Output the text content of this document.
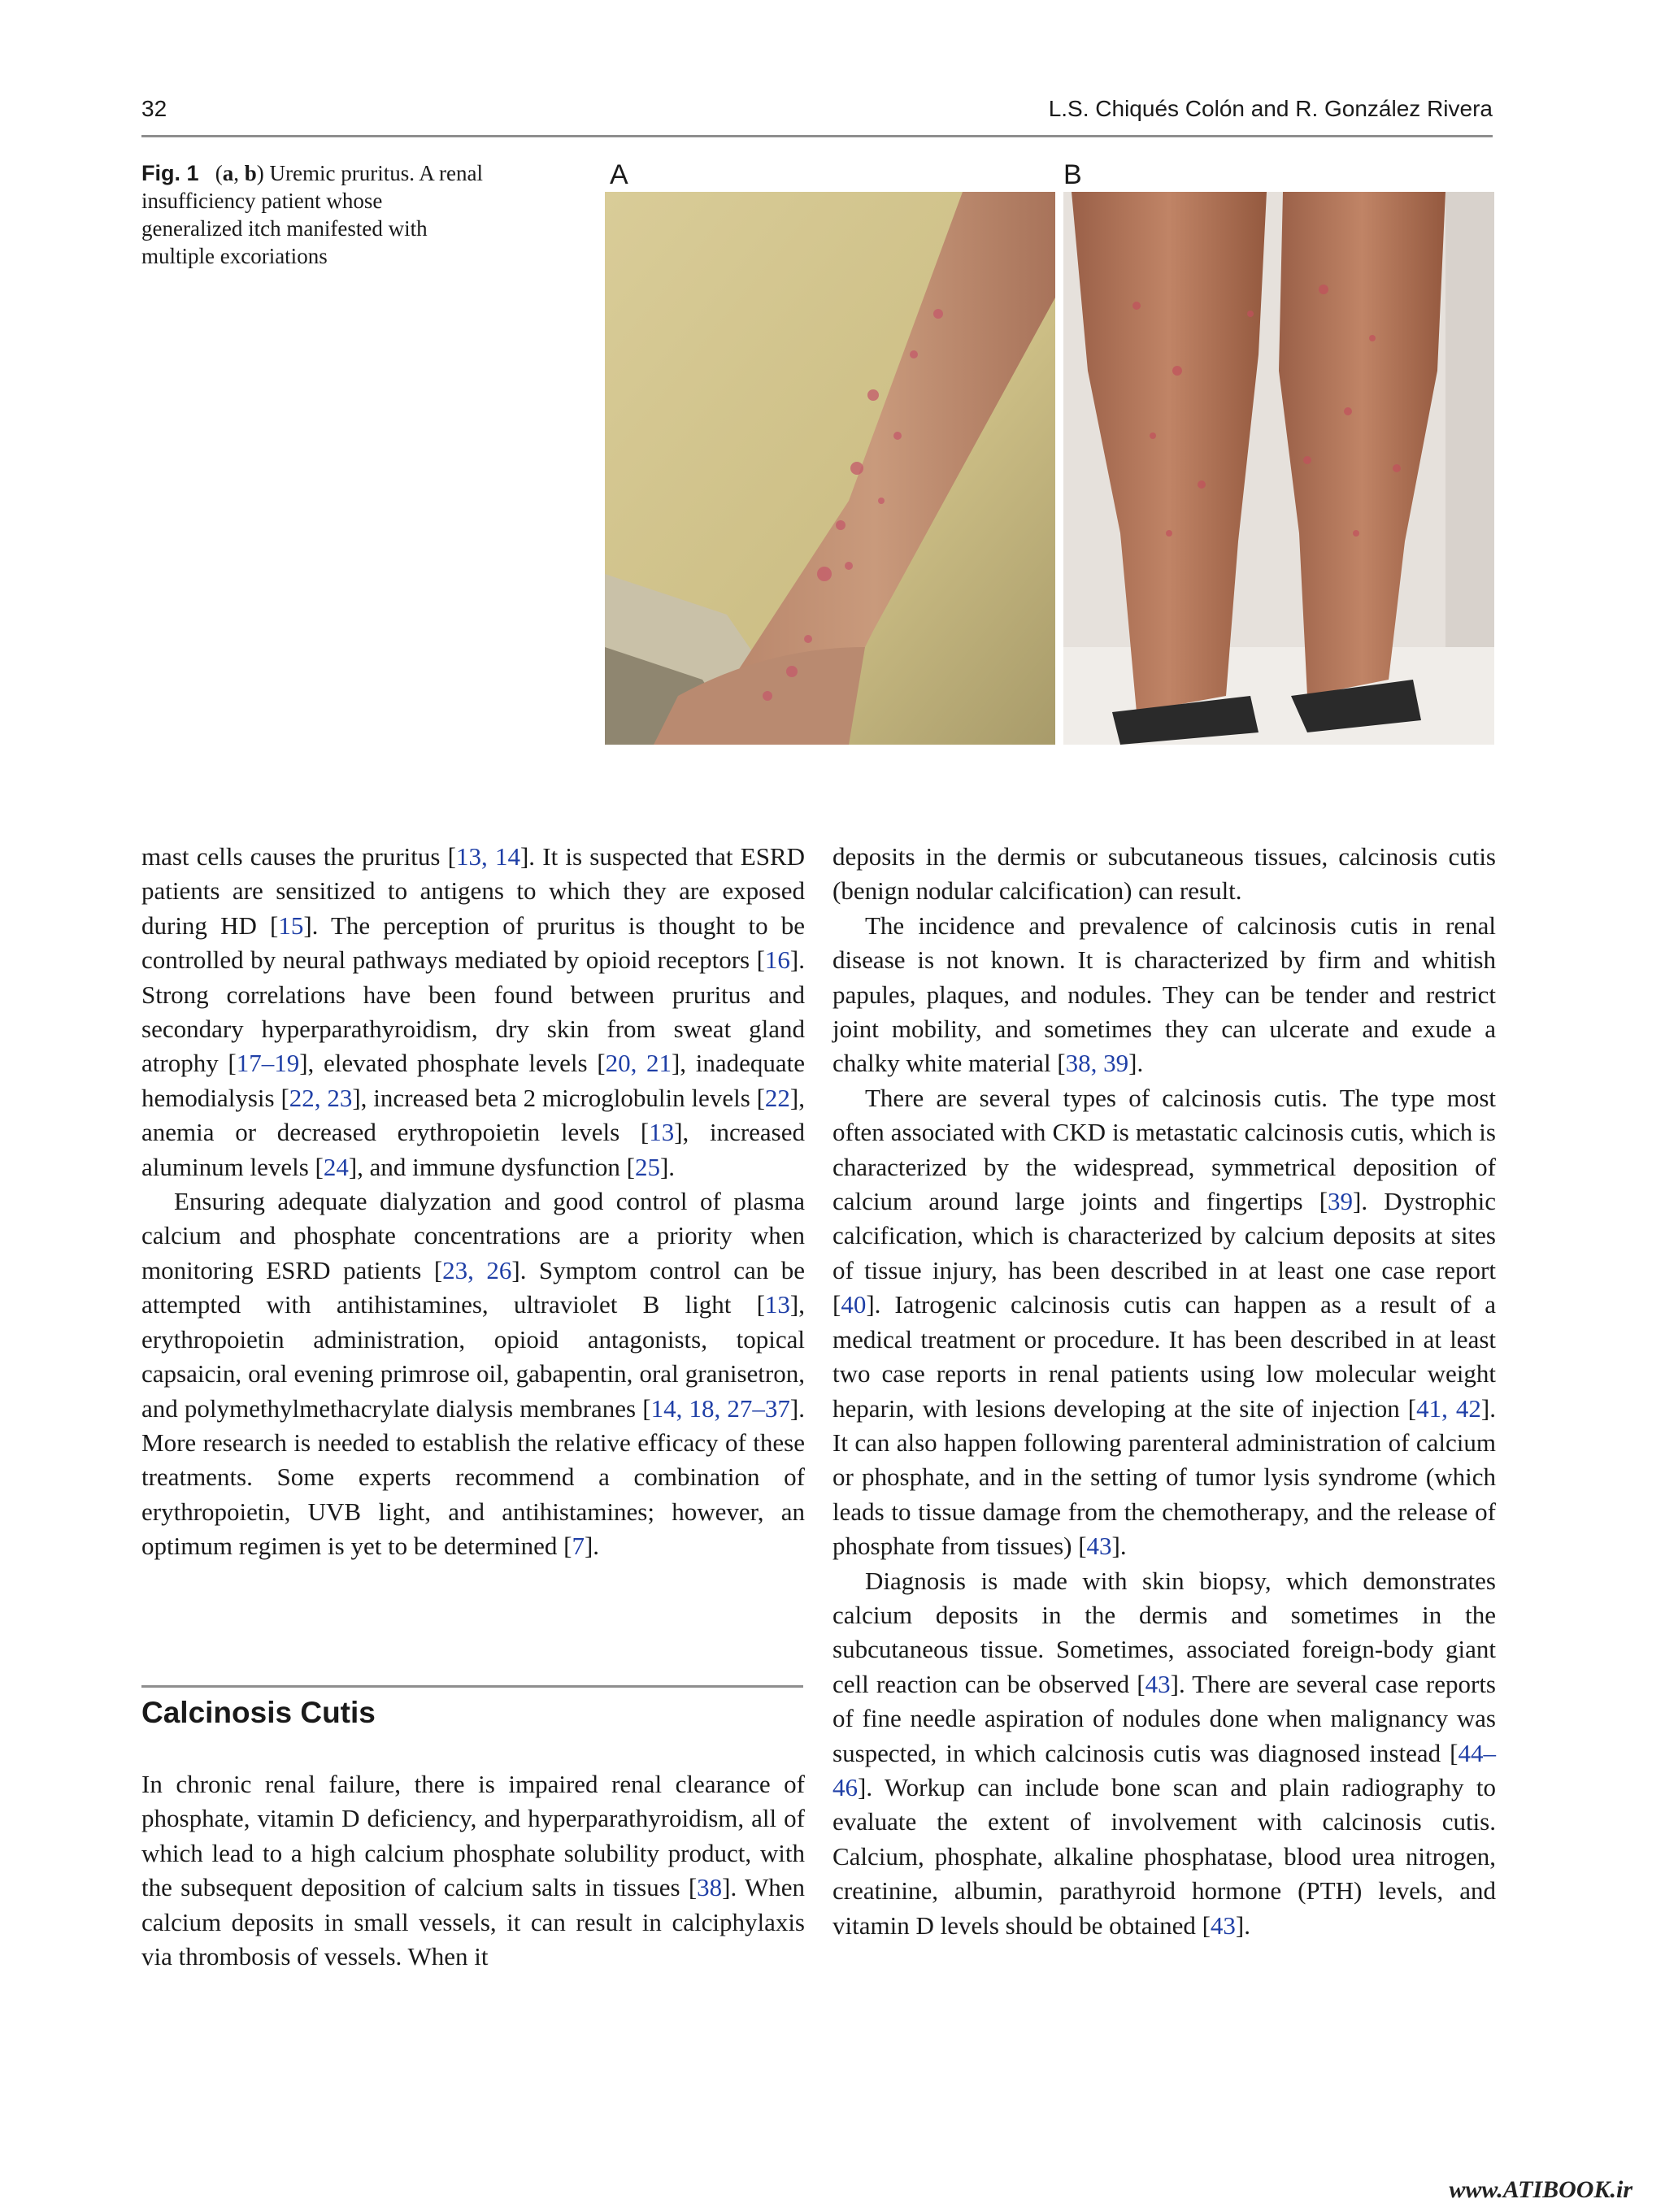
32	L.S. Chiqués Colón and R. González Rivera
Fig. 1 (a, b) Uremic pruritus. A renal insufficiency patient whose generalized itch manifested with multiple excoriations
A	B

mast cells causes the pruritus [13, 14]. It is suspected that ESRD patients are sensitized to antigens to which they are exposed during HD [15]. The perception of pruritus is thought to be controlled by neural pathways mediated by opioid receptors [16]. Strong correlations have been found between pruritus and secondary hyperparathyroidism, dry skin from sweat gland atrophy [17–19], elevated phosphate levels [20, 21], inadequate hemodialysis [22, 23], increased beta 2 microglobulin levels [22], anemia or decreased erythropoietin levels [13], increased aluminum levels [24], and immune dysfunction [25].

Ensuring adequate dialyzation and good control of plasma calcium and phosphate concentrations are a priority when monitoring ESRD patients [23, 26]. Symptom control can be attempted with antihistamines, ultraviolet B light [13], erythropoietin administration, opioid antagonists, topical capsaicin, oral evening primrose oil, gabapentin, oral granisetron, and polymethylmethacrylate dialysis membranes [14, 18, 27–37]. More research is needed to establish the relative efficacy of these treatments. Some experts recommend a combination of erythropoietin, UVB light, and antihistamines; however, an optimum regimen is yet to be determined [7].

Calcinosis Cutis

In chronic renal failure, there is impaired renal clearance of phosphate, vitamin D deficiency, and hyperparathyroidism, all of which lead to a high calcium phosphate solubility product, with the subsequent deposition of calcium salts in tissues [38]. When calcium deposits in small vessels, it can result in calciphylaxis via thrombosis of vessels. When it

deposits in the dermis or subcutaneous tissues, calcinosis cutis (benign nodular calcification) can result.

The incidence and prevalence of calcinosis cutis in renal disease is not known. It is characterized by firm and whitish papules, plaques, and nodules. They can be tender and restrict joint mobility, and sometimes they can ulcerate and exude a chalky white material [38, 39].

There are several types of calcinosis cutis. The type most often associated with CKD is metastatic calcinosis cutis, which is characterized by the widespread, symmetrical deposition of calcium around large joints and fingertips [39]. Dystrophic calcification, which is characterized by calcium deposits at sites of tissue injury, has been described in at least one case report [40]. Iatrogenic calcinosis cutis can happen as a result of a medical treatment or procedure. It has been described in at least two case reports in renal patients using low molecular weight heparin, with lesions developing at the site of injection [41, 42]. It can also happen following parenteral administration of calcium or phosphate, and in the setting of tumor lysis syndrome (which leads to tissue damage from the chemotherapy, and the release of phosphate from tissues) [43].

Diagnosis is made with skin biopsy, which demonstrates calcium deposits in the dermis and sometimes in the subcutaneous tissue. Sometimes, associated foreign-body giant cell reaction can be observed [43]. There are several case reports of fine needle aspiration of nodules done when malignancy was suspected, in which calcinosis cutis was diagnosed instead [44–46]. Workup can include bone scan and plain radiography to evaluate the extent of involvement with calcinosis cutis. Calcium, phosphate, alkaline phosphatase, blood urea nitrogen, creatinine, albumin, parathyroid hormone (PTH) levels, and vitamin D levels should be obtained [43].

www.ATIBOOK.ir
